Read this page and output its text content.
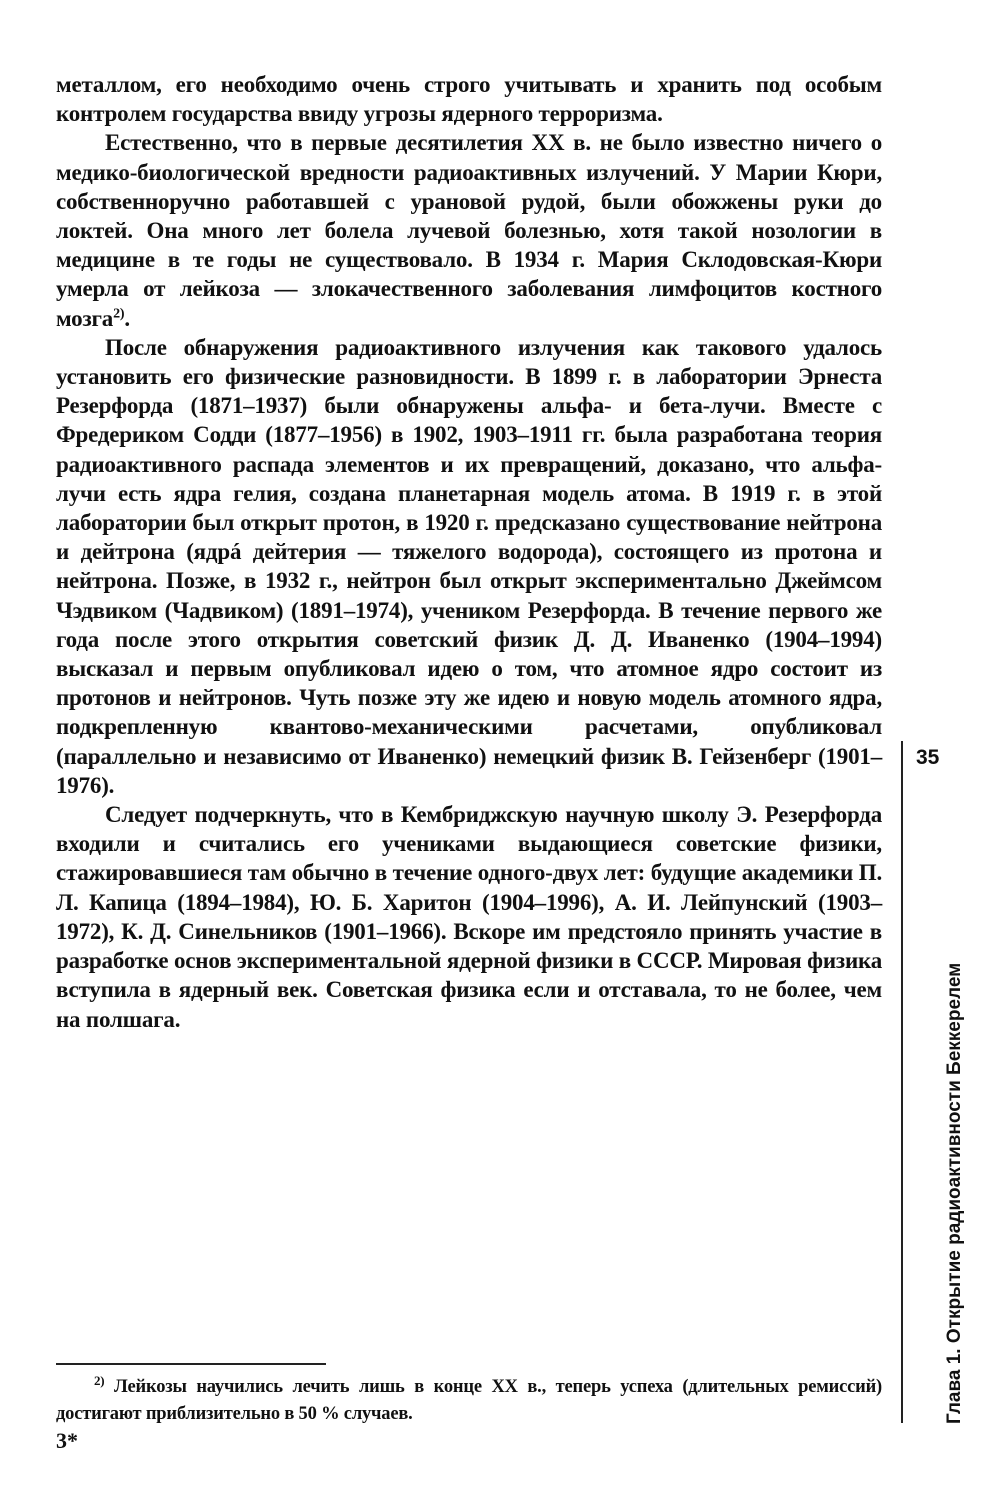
металлом, его необходимо очень строго учитывать и хранить под особым контролем государства ввиду угрозы ядерного терроризма.

Естественно, что в первые десятилетия XX в. не было известно ничего о медико-биологической вредности радиоактивных излучений. У Марии Кюри, собственноручно работавшей с урановой рудой, были обожжены руки до локтей. Она много лет болела лучевой болезнью, хотя такой нозологии в медицине в те годы не существовало. В 1934 г. Мария Склодовская-Кюри умерла от лейкоза — злокачественного заболевания лимфоцитов костного мозга$^{2)}$.

После обнаружения радиоактивного излучения как такового удалось установить его физические разновидности. В 1899 г. в лаборатории Эрнеста Резерфорда (1871–1937) были обнаружены альфа- и бета-лучи. Вместе с Фредериком Содди (1877–1956) в 1902, 1903–1911 гг. была разработана теория радиоактивного распада элементов и их превращений, доказано, что альфа-лучи есть ядра гелия, создана планетарная модель атома. В 1919 г. в этой лаборатории был открыт протон, в 1920 г. предсказано существование нейтрона и дейтрона (ядрá дейтерия — тяжелого водорода), состоящего из протона и нейтрона. Позже, в 1932 г., нейтрон был открыт экспериментально Джеймсом Чэдвиком (Чадвиком) (1891–1974), учеником Резерфорда. В течение первого же года после этого открытия советский физик Д. Д. Иваненко (1904–1994) высказал и первым опубликовал идею о том, что атомное ядро состоит из протонов и нейтронов. Чуть позже эту же идею и новую модель атомного ядра, подкрепленную квантово-механическими расчетами, опубликовал (параллельно и независимо от Иваненко) немецкий физик В. Гейзенберг (1901–1976).

Следует подчеркнуть, что в Кембриджскую научную школу Э. Резерфорда входили и считались его учениками выдающиеся советские физики, стажировавшиеся там обычно в течение одного-двух лет: будущие академики П. Л. Капица (1894–1984), Ю. Б. Харитон (1904–1996), А. И. Лейпунский (1903–1972), К. Д. Синельников (1901–1966). Вскоре им предстояло принять участие в разработке основ экспериментальной ядерной физики в СССР. Мировая физика вступила в ядерный век. Советская физика если и отставала, то не более, чем на полшага.

$^{2)}$ Лейкозы научились лечить лишь в конце XX в., теперь успеха (длительных ремиссий) достигают приблизительно в 50 % случаев.

3*
35
Глава 1. Открытие радиоактивности Беккерелем
